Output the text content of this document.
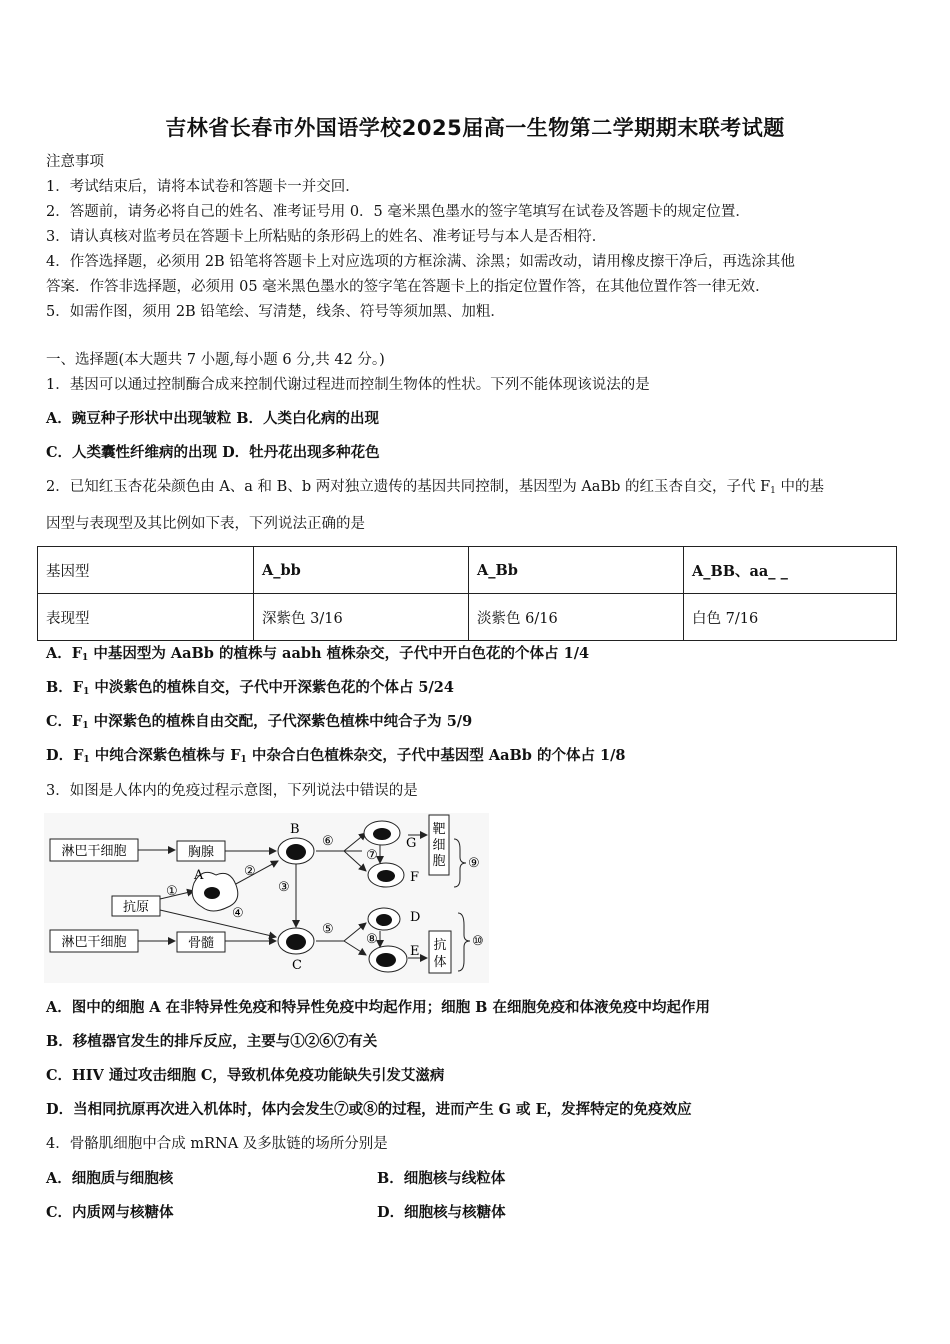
吉林省长春市外国语学校2025届高一生物第二学期期末联考试题
注意事项
1．考试结束后，请将本试卷和答题卡一并交回．
2．答题前，请务必将自己的姓名、准考证号用 0．5 毫米黑色墨水的签字笔填写在试卷及答题卡的规定位置．
3．请认真核对监考员在答题卡上所粘贴的条形码上的姓名、准考证号与本人是否相符．
4．作答选择题，必须用 2B 铅笔将答题卡上对应选项的方框涂满、涂黑；如需改动，请用橡皮擦干净后，再选涂其他
答案．作答非选择题，必须用 05 毫米黑色墨水的签字笔在答题卡上的指定位置作答，在其他位置作答一律无效．
5．如需作图，须用 2B 铅笔绘、写清楚，线条、符号等须加黑、加粗．
一、选择题(本大题共 7 小题,每小题 6 分,共 42 分。)
1．基因可以通过控制酶合成来控制代谢过程进而控制生物体的性状。下列不能体现该说法的是
A．豌豆种子形状中出现皱粒 B．人类白化病的出现
C．人类囊性纤维病的出现 D．牡丹花出现多种花色
2．已知红玉杏花朵颜色由 A、a 和 B、b 两对独立遗传的基因共同控制，基因型为 AaBb 的红玉杏自交，子代 $F_1$ 中的基
因型与表现型及其比例如下表，下列说法正确的是
基因型	A_bb	A_Bb	A_BB、aa_ _
表现型	深紫色 3/16	淡紫色 6/16	白色 7/16
A．$F_1$ 中基因型为 AaBb 的植株与 aabh 植株杂交，子代中开白色花的个体占 1/4
B．$F_1$ 中淡紫色的植株自交，子代中开深紫色花的个体占 5/24
C．$F_1$ 中深紫色的植株自由交配，子代深紫色植株中纯合子为 5/9
D．$F_1$ 中纯合深紫色植株与 $F_1$ 中杂合白色植株杂交，子代中基因型 AaBb 的个体占 1/8
3．如图是人体内的免疫过程示意图，下列说法中错误的是
淋巴干细胞	胸腺
抗原
淋巴干细胞	骨髓
靶细胞
抗体
A
B
C
D
E
F
G
①
②
③
④
⑤
⑥
⑦
⑧
⑨
⑩
A．图中的细胞 A 在非特异性免疫和特异性免疫中均起作用；细胞 B 在细胞免疫和体液免疫中均起作用
B．移植器官发生的排斥反应，主要与①②⑥⑦有关
C．HIV 通过攻击细胞 C，导致机体免疫功能缺失引发艾滋病
D．当相同抗原再次进入机体时，体内会发生⑦或⑧的过程，进而产生 G 或 E，发挥特定的免疫效应
4．骨骼肌细胞中合成 mRNA 及多肽链的场所分别是
A．细胞质与细胞核	B．细胞核与线粒体
C．内质网与核糖体	D．细胞核与核糖体
